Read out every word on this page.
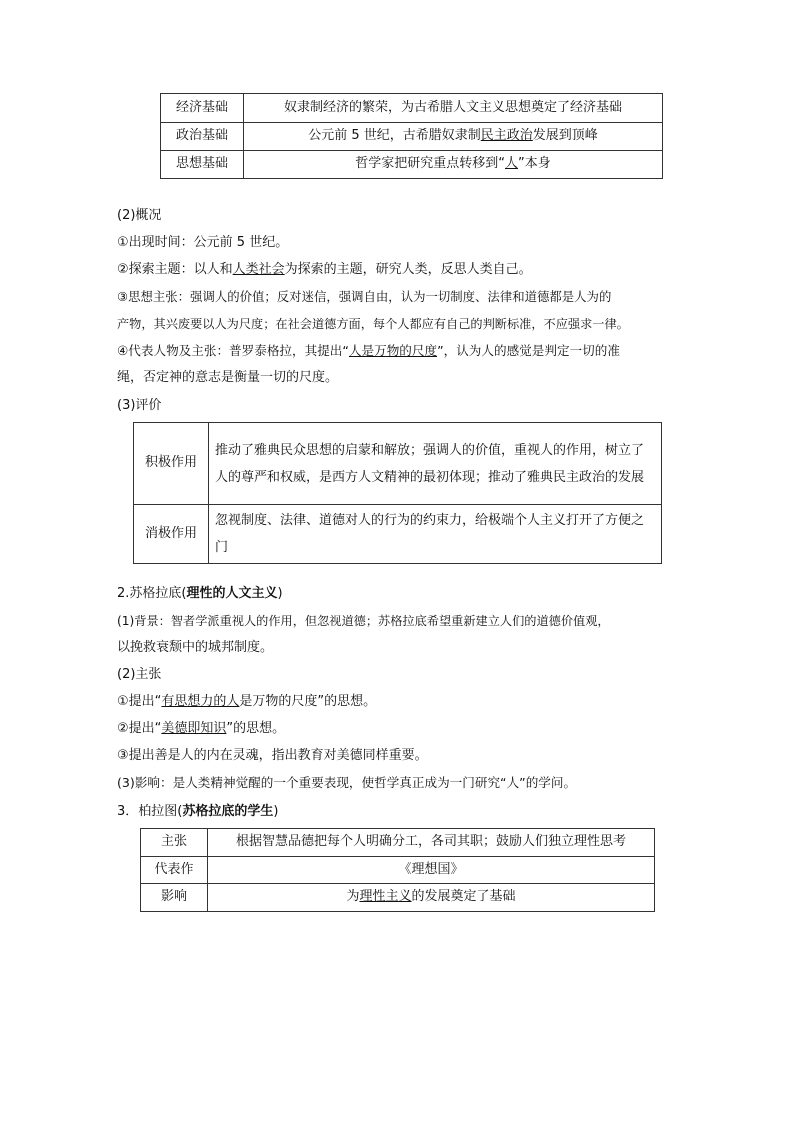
经济基础	奴隶制经济的繁荣，为古希腊人文主义思想奠定了经济基础
政治基础	公元前 5 世纪，古希腊奴隶制民主政治发展到顶峰
思想基础	哲学家把研究重点转移到“人”本身
(2)概况
①出现时间：公元前 5 世纪。
②探索主题：以人和人类社会为探索的主题，研究人类，反思人类自己。
③思想主张：强调人的价值；反对迷信，强调自由，认为一切制度、法律和道德都是人为的
产物，其兴废要以人为尺度；在社会道德方面，每个人都应有自己的判断标准，不应强求一律。
④代表人物及主张：普罗泰格拉，其提出“人是万物的尺度”，认为人的感觉是判定一切的准
绳，否定神的意志是衡量一切的尺度。
(3)评价
积极作用	推动了雅典民众思想的启蒙和解放；强调人的价值，重视人的作用，树立了人的尊严和权威，是西方人文精神的最初体现；推动了雅典民主政治的发展
消极作用	忽视制度、法律、道德对人的行为的约束力，给极端个人主义打开了方便之门
2.苏格拉底(理性的人文主义)
(1)背景：智者学派重视人的作用，但忽视道德；苏格拉底希望重新建立人们的道德价值观，
以挽救衰颓中的城邦制度。
(2)主张
①提出“有思想力的人是万物的尺度”的思想。
②提出“美德即知识”的思想。
③提出善是人的内在灵魂，指出教育对美德同样重要。
(3)影响：是人类精神觉醒的一个重要表现，使哲学真正成为一门研究“人”的学问。
3．柏拉图(苏格拉底的学生)
主张	根据智慧品德把每个人明确分工，各司其职；鼓励人们独立理性思考
代表作	《理想国》
影响	为理性主义的发展奠定了基础
